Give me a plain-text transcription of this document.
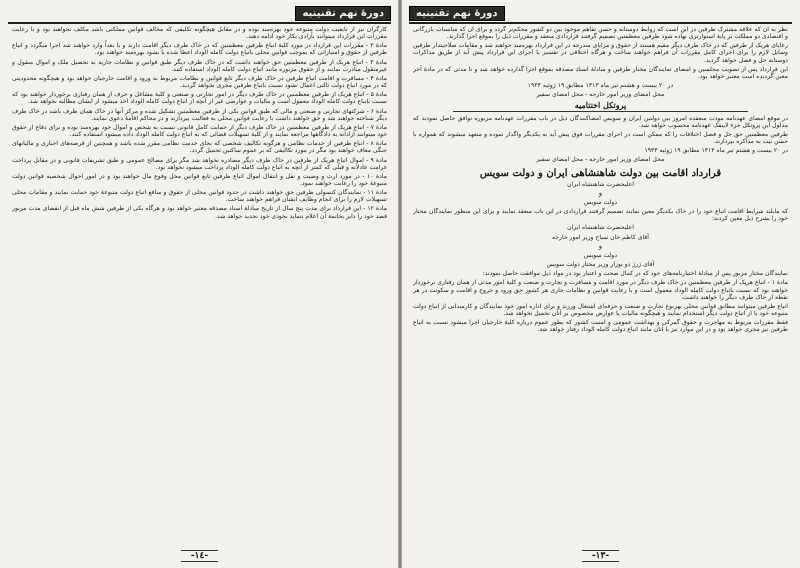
دورهٔ نهم تقنینیه

کارگران نیز از تابعیت دولت متبوعه خود بهره‌مند بوده و در مقابل هیچگونه تکلیفی که مخالف قوانین مملکتی باشد مکلف نخواهند بود و با رعایت مقررات این قرارداد میتوانند بآزادی بکار خود ادامه دهند.

مادهٔ ۲ - مقررات این قرارداد در مورد کلیهٔ اتباع طرفین معظمتین که در خاک طرف دیگر اقامت دارند و یا بعداً وارد خواهند شد اجرا میگردد و اتباع طرفین از حقوق و امتیازاتی که بموجب قوانین محلی باتباع دولت کامله الوداد اعطا شده یا بشود بهره‌مند خواهند بود.

مادهٔ ۳ - اتباع هریک از طرفین معظمتین حق خواهند داشت که در خاک طرف دیگر طبق قوانین و نظامات جاریه به تحصیل ملک و اموال منقول و غیرمنقول مبادرت نمایند و از حقوق مزبوره مانند اتباع دولت کامله الوداد استفاده کنند.

مادهٔ ۴ - مسافرت و اقامت اتباع طرفین در خاک طرف دیگر تابع قوانین و نظامات مربوط به ورود و اقامت خارجیان خواهد بود و هیچگونه محدودیتی که در مورد اتباع دولت ثالثی اعمال نشود نسبت باتباع طرفین مجری نخواهد گردید.

مادهٔ ۵ - اتباع هریک از طرفین معظمتین در خاک طرف دیگر در امور تجارتی و صنعتی و کلیهٔ مشاغل و حرف از همان رفتاری برخوردار خواهند بود که نسبت باتباع دولت کامله الوداد معمول است و مالیات و عوارضی غیر از آنچه از اتباع دولت کامله الوداد اخذ میشود از ایشان مطالبه نخواهد شد.

مادهٔ ۶ - شرکتهای تجارتی و صنعتی و مالی که طبق قوانین یکی از طرفین معظمتین تشکیل شده و مرکز آنها در خاک همان طرف باشد در خاک طرف دیگر شناخته خواهند شد و حق خواهند داشت با رعایت قوانین محلی به فعالیت بپردازند و در محاکم اقامهٔ دعوی نمایند.

مادهٔ ۷ - اتباع هریک از طرفین معظمتین در خاک طرف دیگر از حمایت کامل قانونی نسبت به شخص و اموال خود بهره‌مند بوده و برای دفاع از حقوق خود میتوانند آزادانه به دادگاهها مراجعه نمایند و از کلیهٔ تسهیلات قضائی که به اتباع دولت کامله الوداد داده میشود استفاده کنند.

مادهٔ ۸ - اتباع طرفین از خدمات نظامی و هرگونه تکالیف شخصی که بجای خدمت نظامی مقرر شده باشد و همچنین از قرضه‌های اجباری و مالیاتهای جنگی معاف خواهند بود مگر در مورد تکالیفی که بر عموم ساکنین تحمیل گردد.

مادهٔ ۹ - اموال اتباع هریک از طرفین در خاک طرف دیگر مصادره نخواهد شد مگر برای مصالح عمومی و طبق تشریفات قانونی و در مقابل پرداخت غرامت عادلانه و قبلی که کمتر از آنچه به اتباع دولت کامله الوداد پرداخت میشود نخواهد بود.

مادهٔ ۱۰ - در مورد ارث و وصیت و نقل و انتقال اموال اتباع طرفین تابع قوانین محل وقوع مال خواهند بود و در امور احوال شخصیه قوانین دولت متبوعهٔ خود را رعایت خواهند نمود.

مادهٔ ۱۱ - نمایندگان کنسولی طرفین حق خواهند داشت در حدود قوانین محلی از حقوق و منافع اتباع دولت متبوعهٔ خود حمایت نمایند و مقامات محلی تسهیلات لازم را برای انجام وظایف ایشان فراهم خواهند ساخت.

مادهٔ ۱۲ - این قرارداد برای مدت پنج سال از تاریخ مبادلهٔ اسناد مصدقه معتبر خواهد بود و هرگاه یکی از طرفین شش ماه قبل از انقضای مدت مزبور قصد خود را دایر بخاتمهٔ آن اعلام ننماید بخودی خود تجدید خواهد شد.

-١٤-
دورهٔ نهم تقنینیه

نظر به آن که علاقه مشترک طرفین در این است که روابط دوستانه و حسن تفاهم موجود بین دو کشور محکم‌تر گردد و برای آن که مناسبات بازرگانی و اقتصادی دو مملکت بر پایهٔ استوارتری نهاده شود طرفین معظمتین تصمیم گرفتند قراردادی منعقد و مقررات ذیل را بموقع اجرا گذارند.

رعایای هریک از طرفین که در خاک طرف دیگر مقیم هستند از حقوق و مزایای مندرجه در این قرارداد بهره‌مند خواهند شد و مقامات صلاحیتدار طرفین وسایل لازم را برای اجرای کامل مقررات آن فراهم خواهند ساخت و هرگاه اختلافی در تفسیر یا اجرای این قرارداد پیش آید از طریق مذاکرات دوستانه حل و فصل خواهد گردید.

این قرارداد پس از تصویب مجلسین و امضای نمایندگان مختار طرفین و مبادلهٔ اسناد مصدقه بموقع اجرا گذارده خواهد شد و تا مدتی که در مادهٔ آخر معین گردیده است معتبر خواهد بود.

در ۲۰ بیست و هشتم تیر ماه ۱۳۱۳ مطابق ۱۹ ژوئیه ۱۹۳۴
محل امضای وزیر امور خارجه - محل امضای سفیر
پروتکل اختتامیه

در موقع امضای عهدنامه مودت منعقده امروز بین دولتین ایران و سویس امضاکنندگان ذیل در باب مقررات عهدنامه مزبوره توافق حاصل نمودند که مدلول این پروتکل جزء لاینفک عهدنامه محسوب خواهد شد.

طرفین معظمتین حق حل و فصل اختلافات را که ممکن است در اجرای مقررات فوق پیش آید به یکدیگر واگذار نموده و متعهد میشوند که همواره با حسن نیت به مذاکره بپردازند.

در ۲۰ بیست و هشتم تیر ماه ۱۳۱۳ مطابق ۱۹ ژوئیه ۱۹۳۴

محل امضای وزیر امور خارجه - محل امضای سفیر
قرارداد اقامت بین دولت شاهنشاهی ایران و دولت سویس

اعلیحضرت شاهنشاه ایران

و

دولت سویس

که مایلند شرایط اقامت اتباع خود را در خاک یکدیگر معین نمایند تصمیم گرفتند قراردادی در این باب منعقد نمایند و برای این منظور نمایندگان مختار خود را بشرح ذیل معین کردند:

اعلیحضرت شاهنشاه ایران

آقای کاظم خان سیاح وزیر امور خارجه

و

دولت سویس

آقای ژرژ دو بوزار وزیر مختار دولت سویس

نمایندگان مختار مزبور پس از مبادلهٔ اختیارنامه‌های خود که در کمال صحت و اعتبار بود در مواد ذیل موافقت حاصل نمودند:

مادهٔ ۱ - اتباع هریک از طرفین معظمتین در خاک طرف دیگر در مورد اقامت و مسافرت و تجارت و صنعت و کلیهٔ امور مدنی از همان رفتاری برخوردار خواهند بود که نسبت باتباع دولت کامله الوداد معمول است و با رعایت قوانین و نظامات جاری هر کشور حق ورود و خروج و اقامت و سکونت در هر نقطه از خاک طرف دیگر را خواهند داشت.

اتباع طرفین میتوانند مطابق قوانین محلی بهرنوع تجارت و صنعت و حرفه‌ای اشتغال ورزند و برای اداره امور خود نمایندگان و کارمندانی از اتباع دولت متبوعه خود یا از اتباع دولت دیگر استخدام نمایند و هیچگونه مالیات یا عوارض مخصوص بر آنان تحمیل نخواهد شد.

فقط مقررات مربوط به مهاجرت و حقوق گمرکی و بهداشت عمومی و امنیت کشور که بطور عموم درباره کلیهٔ خارجیان اجرا میشود نسبت به اتباع طرفین نیز مجری خواهد بود و در این موارد نیز با آنان مانند اتباع دولت کامله الوداد رفتار خواهد شد.

-١٣-
